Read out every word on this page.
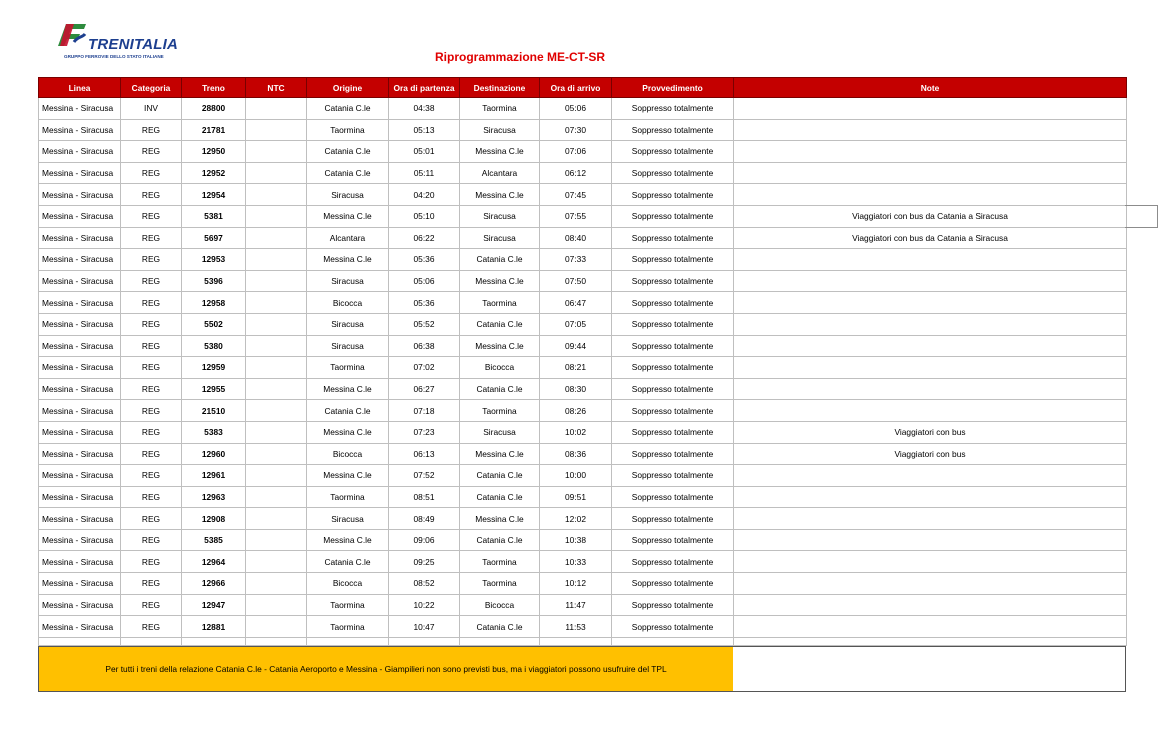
TRENITALIA
GRUPPO FERROVIE DELLO STATO ITALIANE	Riprogrammazione ME-CT-SR
Linea	Categoria	Treno	NTC	Origine	Ora di partenza	Destinazione	Ora di arrivo	Provvedimento	Note
Messina - Siracusa	INV	28800		Catania C.le	04:38	Taormina	05:06	Soppresso totalmente	
Messina - Siracusa	REG	21781		Taormina	05:13	Siracusa	07:30	Soppresso totalmente	
Messina - Siracusa	REG	12950		Catania C.le	05:01	Messina C.le	07:06	Soppresso totalmente	
Messina - Siracusa	REG	12952		Catania C.le	05:11	Alcantara	06:12	Soppresso totalmente	
Messina - Siracusa	REG	12954		Siracusa	04:20	Messina C.le	07:45	Soppresso totalmente	
Messina - Siracusa	REG	5381		Messina C.le	05:10	Siracusa	07:55	Soppresso totalmente	Viaggiatori con bus da Catania a Siracusa

Messina - Siracusa	REG	5697		Alcantara	06:22	Siracusa	08:40	Soppresso totalmente	Viaggiatori con bus da Catania a Siracusa
Messina - Siracusa	REG	12953		Messina C.le	05:36	Catania C.le	07:33	Soppresso totalmente	
Messina - Siracusa	REG	5396		Siracusa	05:06	Messina C.le	07:50	Soppresso totalmente	
Messina - Siracusa	REG	12958		Bicocca	05:36	Taormina	06:47	Soppresso totalmente	
Messina - Siracusa	REG	5502		Siracusa	05:52	Catania C.le	07:05	Soppresso totalmente	
Messina - Siracusa	REG	5380		Siracusa	06:38	Messina C.le	09:44	Soppresso totalmente	
Messina - Siracusa	REG	12959		Taormina	07:02	Bicocca	08:21	Soppresso totalmente	
Messina - Siracusa	REG	12955		Messina C.le	06:27	Catania C.le	08:30	Soppresso totalmente	
Messina - Siracusa	REG	21510		Catania C.le	07:18	Taormina	08:26	Soppresso totalmente	
Messina - Siracusa	REG	5383		Messina C.le	07:23	Siracusa	10:02	Soppresso totalmente	Viaggiatori con bus
Messina - Siracusa	REG	12960		Bicocca	06:13	Messina C.le	08:36	Soppresso totalmente	Viaggiatori con bus
Messina - Siracusa	REG	12961		Messina C.le	07:52	Catania C.le	10:00	Soppresso totalmente	
Messina - Siracusa	REG	12963		Taormina	08:51	Catania C.le	09:51	Soppresso totalmente	
Messina - Siracusa	REG	12908		Siracusa	08:49	Messina C.le	12:02	Soppresso totalmente	
Messina - Siracusa	REG	5385		Messina C.le	09:06	Catania C.le	10:38	Soppresso totalmente	
Messina - Siracusa	REG	12964		Catania C.le	09:25	Taormina	10:33	Soppresso totalmente	
Messina - Siracusa	REG	12966		Bicocca	08:52	Taormina	10:12	Soppresso totalmente	
Messina - Siracusa	REG	12947		Taormina	10:22	Bicocca	11:47	Soppresso totalmente	
Messina - Siracusa	REG	12881		Taormina	10:47	Catania C.le	11:53	Soppresso totalmente	

Per tutti i treni della relazione Catania C.le - Catania Aeroporto e Messina - Giampilieri non sono previsti bus, ma i viaggiatori possono usufruire del TPL
